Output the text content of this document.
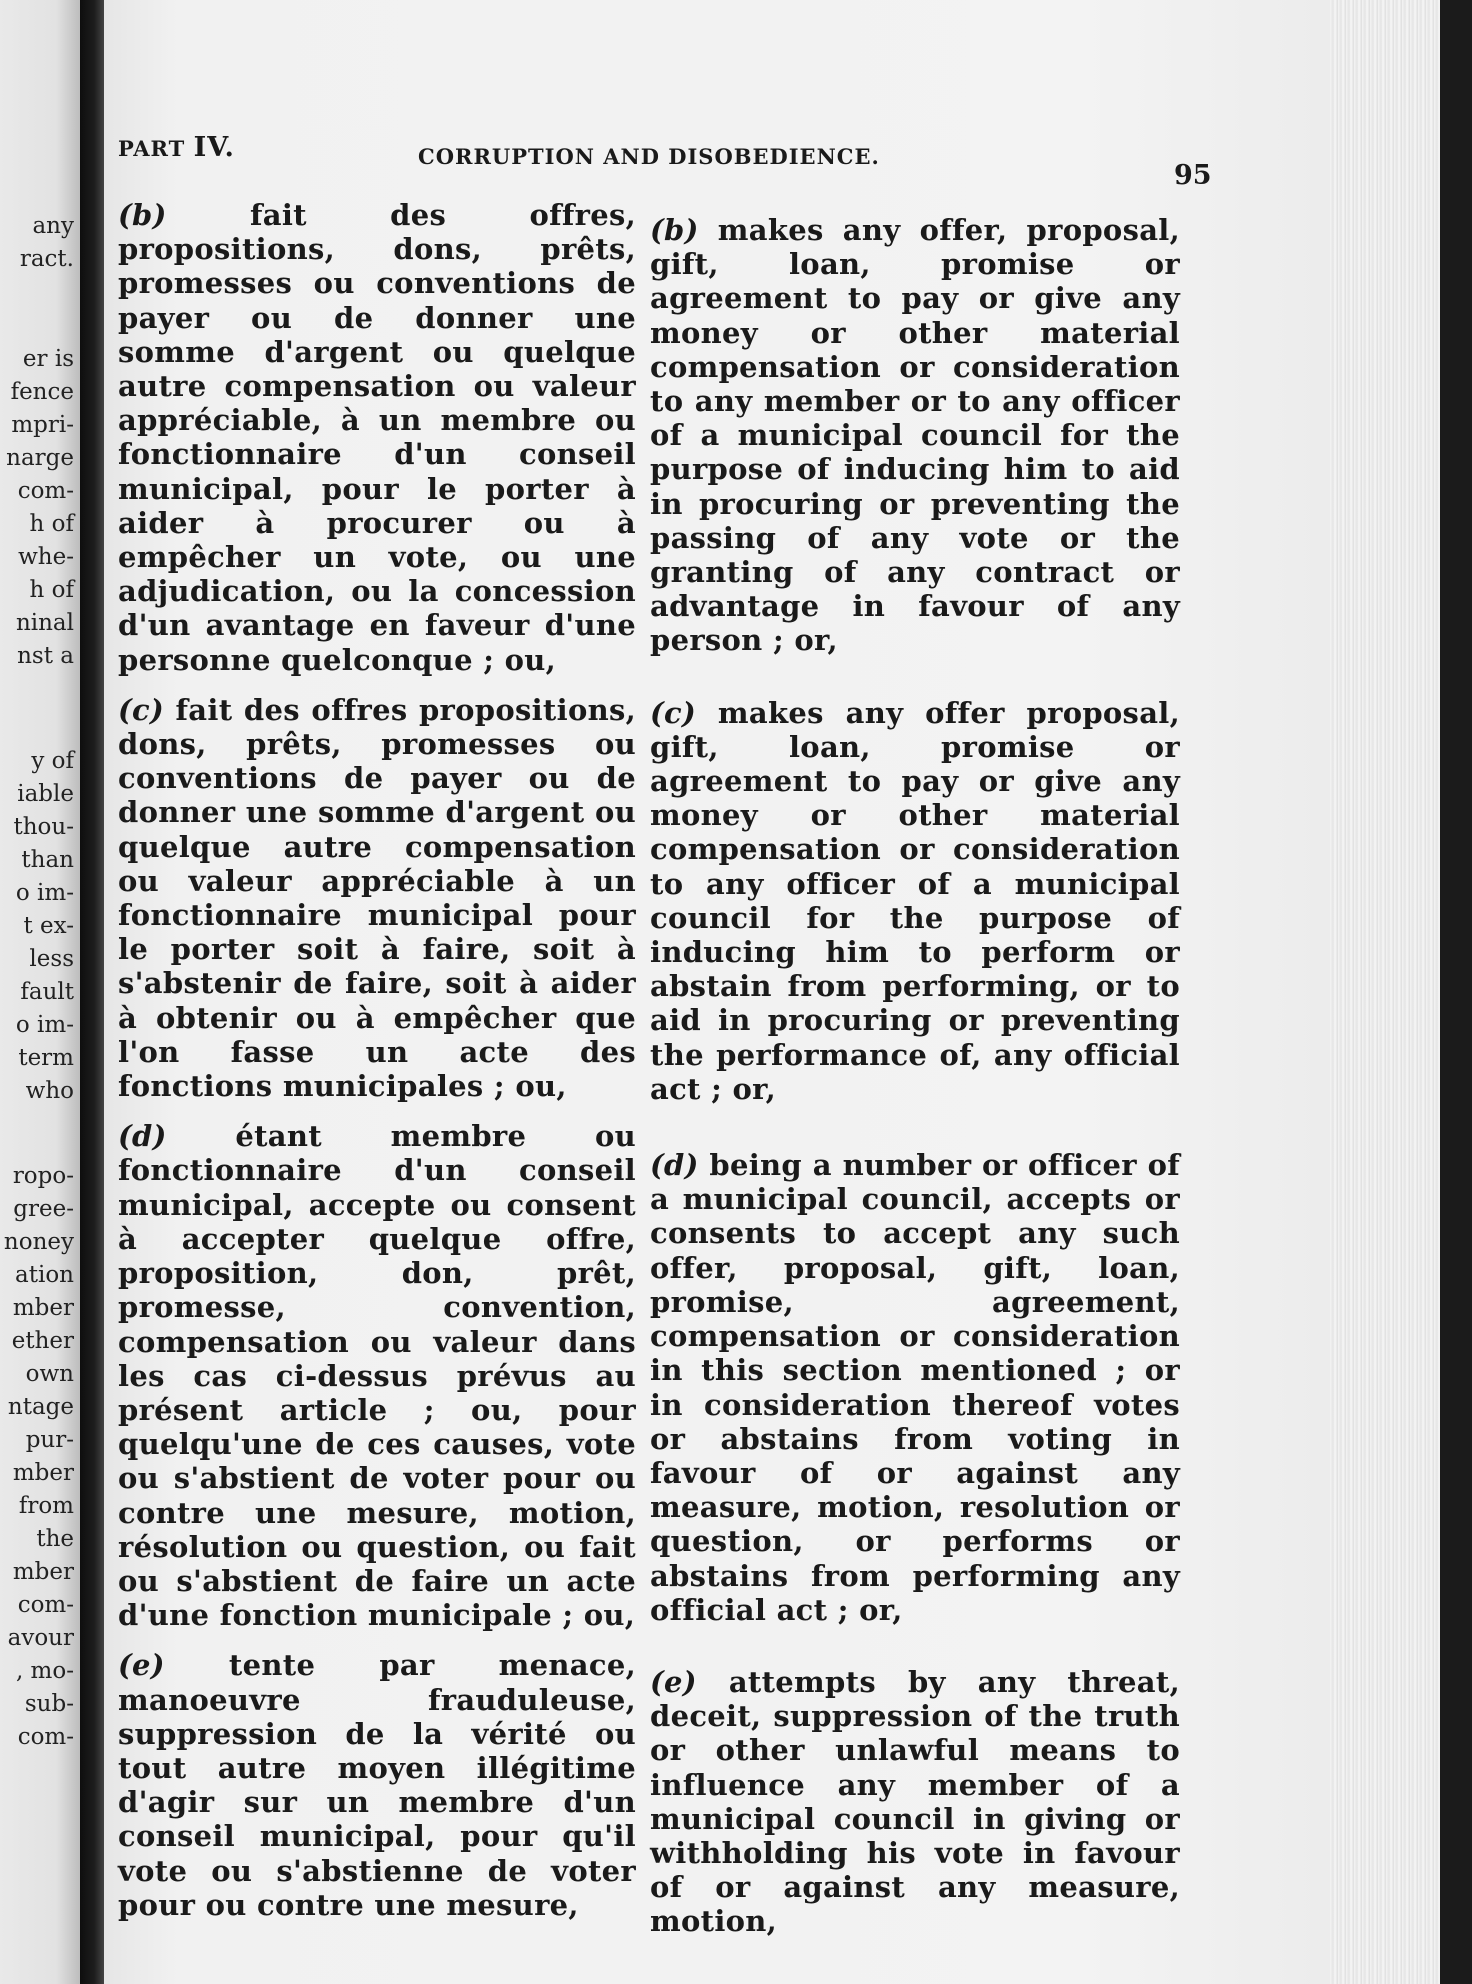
any
ract.
er is
fence
mpri-
narge
com-
h of
whe-
h of
ninal
nst a
y of
iable
thou-
than
o im-
t ex-
less
fault
o im-
term
who
ropo-
gree-
noney
ation
mber
ether
own
ntage
pur-
mber
from
the
mber
com-
avour
, mo-
sub-
com-
PART IV.	CORRUPTION AND DISOBEDIENCE.
95

(b)	fait des offres, propositions, dons, prêts, promesses ou conventions de payer ou de donner une somme d'argent ou quelque autre compensation ou valeur appréciable, à un membre ou fonctionnaire d'un conseil municipal, pour le porter à aider à procurer ou à empêcher un vote, ou une adjudication, ou la concession d'un avantage en faveur d'une personne quelconque ; ou,

(c) fait des offres propositions, dons, prêts, promesses ou conventions de payer ou de donner une somme d'argent ou quelque autre compensation ou valeur appréciable à un fonctionnaire municipal pour le porter soit à faire, soit à s'abstenir de faire, soit à aider à obtenir ou à empêcher que l'on fasse un acte des fonctions municipales ; ou,

(d) étant membre ou fonctionnaire d'un conseil municipal, accepte ou consent à accepter quelque offre, proposition, don, prêt, promesse, convention, compensation ou valeur dans les cas ci-dessus prévus au présent article ; ou, pour quelqu'une de ces causes, vote ou s'abstient de voter pour ou contre une mesure, motion, résolution ou question, ou fait ou s'abstient de faire un acte d'une fonction municipale ; ou,

(e) tente par menace, manoeuvre frauduleuse, suppression de la vérité ou tout autre moyen illégitime d'agir sur un membre d'un conseil municipal, pour qu'il vote ou s'abstienne de voter pour ou contre une mesure,

(b) makes any offer, proposal, gift, loan, promise or agreement to pay or give any money or other material compensation or consideration to any member or to any officer of a municipal council for the purpose of inducing him to aid in procuring or preventing the passing of any vote or the granting of any contract or advantage in favour of any person ; or,

(c) makes any offer proposal, gift, loan, promise or agreement to pay or give any money or other material compensation or consideration to any officer of a municipal council for the purpose of inducing him to perform or abstain from performing, or to aid in procuring or preventing the performance of, any official act ; or,

(d) being a number or officer of a municipal council, accepts or consents to accept any such offer, proposal, gift, loan, promise, agreement, compensation or consideration in this section mentioned ; or in consideration thereof votes or abstains from voting in favour of or against any measure, motion, resolution or question, or performs or abstains from performing any official act ; or,

(e) attempts by any threat, deceit, suppression of the truth or other unlawful means to influence any member of a municipal council in giving or withholding his vote in favour of or against any measure, motion,
